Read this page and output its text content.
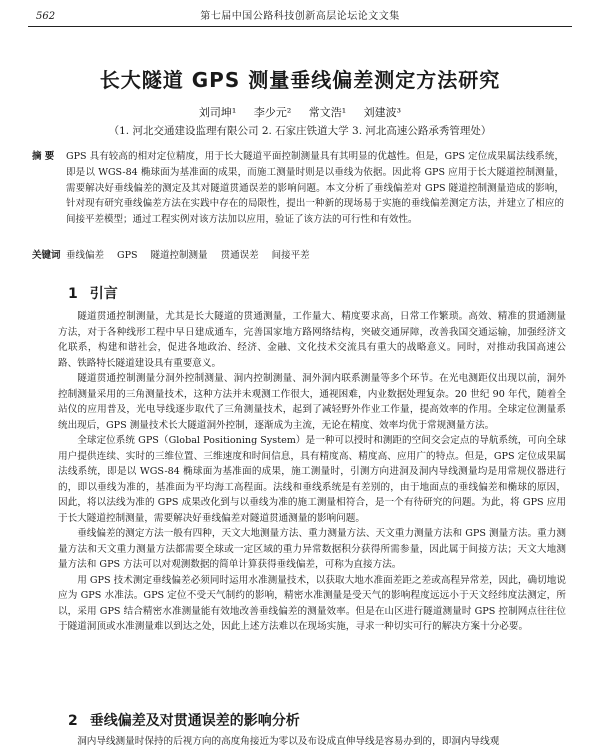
562	第七届中国公路科技创新高层论坛论文文集
长大隧道 GPS 测量垂线偏差测定方法研究
刘司坤¹ 李少元² 常文浩¹ 刘建波³
（1. 河北交通建设监理有限公司 2. 石家庄铁道大学 3. 河北高速公路承秀管理处）
摘 要 GPS 具有较高的相对定位精度，用于长大隧道平面控制测量具有其明显的优越性。但是，GPS 定位成果属法线系统，即是以 WGS-84 椭球面为基准面的成果，而施工测量时则是以垂线为依据。因此将 GPS 应用于长大隧道控制测量，需要解决好垂线偏差的测定及其对隧道贯通误差的影响问题。本文分析了垂线偏差对 GPS 隧道控制测量造成的影响，针对现有研究垂线偏差方法在实践中存在的局限性，提出一种新的现场易于实施的垂线偏差测定方法，并建立了相应的间接平差模型；通过工程实例对该方法加以应用，验证了该方法的可行性和有效性。
关键词 垂线偏差 GPS 隧道控制测量 贯通误差 间接平差
1 引言

隧道贯通控制测量，尤其是长大隧道的贯通测量，工作量大、精度要求高，日常工作繁琐。高效、精准的贯通测量方法，对于各种线形工程中早日建成通车，完善国家地方路网络结构，突破交通屏障，改善我国交通运输，加强经济文化联系，构建和谐社会，促进各地政治、经济、金融、文化技术交流具有重大的战略意义。同时，对推动我国高速公路、铁路特长隧道建设具有重要意义。

隧道贯通控制测量分洞外控制测量、洞内控制测量、洞外洞内联系测量等多个环节。在光电测距仪出现以前，洞外控制测量采用的三角测量技术，这种方法并未观测工作很大，通视困难，内业数据处理复杂。20 世纪 90 年代，随着全站仪的应用普及，光电导线逐步取代了三角测量技术，起到了减轻野外作业工作量，提高效率的作用。全球定位测量系统出现后，GPS 测量技术长大隧道洞外控制，逐渐成为主流，无论在精度、效率均优于常规测量方法。

全球定位系统 GPS（Global Positioning System）是一种可以授时和测距的空间交会定点的导航系统，可向全球用户提供连续、实时的三维位置、三维速度和时间信息，具有精度高、精度高、应用广的特点。但是，GPS 定位成果属法线系统，即是以 WGS-84 椭球面为基准面的成果，施工测量时，引测方向进洞及洞内导线测量均是用常规仪器进行的，即以垂线为准的，基准面为平均海工高程面。法线和垂线系统是有差别的，由于地面点的垂线偏差和椭球的原因，因此，将以法线为准的 GPS 成果改化到与以垂线为准的施工测量相符合，是一个有待研究的问题。为此，将 GPS 应用于长大隧道控制测量，需要解决好垂线偏差对隧道贯通测量的影响问题。

垂线偏差的测定方法一般有四种，天文大地测量方法、重力测量方法、天文重力测量方法和 GPS 测量方法。重力测量方法和天文重力测量方法都需要全球或一定区域的重力异常数据积分获得所需参量，因此属于间接方法；天文大地测量方法和 GPS 方法可以对观测数据的简单计算获得垂线偏差，可称为直接方法。

用 GPS 技术测定垂线偏差必须同时运用水准测量技术，以获取大地水准面差距之差或高程异常差，因此，确切地说应为 GPS 水准法。GPS 定位不受天气制约的影响，精密水准测量是受天气的影响程度远远小于天文经纬度法测定，所以，采用 GPS 结合精密水准测量能有效地改善垂线偏差的测量效率。但是在山区进行隧道测量时 GPS 控制网点往往位于隧道洞顶或水准测量难以到达之处，因此上述方法难以在现场实施，寻求一种切实可行的解决方案十分必要。

2 垂线偏差及对贯通误差的影响分析

洞内导线测量时保持的后视方向的高度角接近为零以及布设成直伸导线是容易办到的，即洞内导线观
